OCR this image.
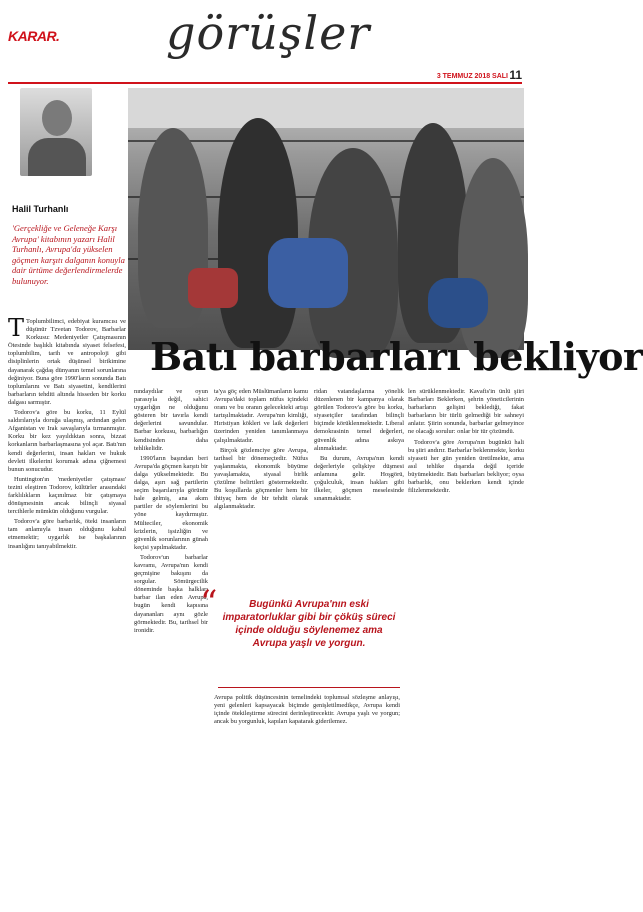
KARAR. görüşler
3 TEMMUZ 2018 SALI 11
Halil Turhanlı
'Gerçekliğe ve Geleneğe Karşı Avrupa' kitabının yazarı Halil Turhanlı, Avrupa'da yükselen göçmen karşıtı dalganın konuyla dair ürtüme değerlendirmelerde bulunuyor.
Batı barbarları bekliyor

T Toplumbilimci, edebiyat kuramcısı ve düşünür Tzvetan Todorov, Barbarlar Korkusu: Medeniyetler Çatışmasının Ötesinde başlıklı kitabında siyaset felsefesi, toplumbilim, tarih ve antropoloji gibi disiplinlerin ortak düşünsel birikimine dayanarak çağdaş dünyanın temel sorunlarına değiniyor. Buna göre 1990'ların sonunda Batı toplumlarını ve Batı siyasetini, kendilerini barbarların tehditi altında hisseden bir korku dalgası sarmıştır.

Todorov'a göre bu korku, 11 Eylül saldırılarıyla doruğa ulaşmış, ardından gelen Afganistan ve Irak savaşlarıyla tırmanmıştır. Korku bir kez yayıldıktan sonra, bizzat korkanların barbarlaşmasına yol açar. Batı'nın kendi değerlerini, insan hakları ve hukuk devleti ilkelerini korumak adına çiğnemesi bunun sonucudur.

Huntington'ın 'medeniyetler çatışması' tezini eleştiren Todorov, kültürler arasındaki farklılıkların kaçınılmaz bir çatışmaya dönüşmesinin ancak bilinçli siyasal tercihlerle mümkün olduğunu vurgular.

Todorov'a göre barbarlık, öteki insanların tam anlamıyla insan olduğunu kabul etmemektir; uygarlık ise başkalarının insanlığını tanıyabilmektir.

nındaydılar ve oyun parasıyla değil, sahici uygarlığın ne olduğunu gösteren bir tavırla kendi değerlerini savundular. Barbar korkusu, barbarlığın kendisinden daha tehlikelidir.

1990'ların başından beri Avrupa'da göçmen karşıtı bir dalga yükselmektedir. Bu dalga, aşırı sağ partilerin seçim başarılarıyla görünür hale gelmiş, ana akım partiler de söylemlerini bu yöne kaydırmıştır. Mülteciler, ekonomik krizlerin, işsizliğin ve güvenlik sorunlarının günah keçisi yapılmaktadır.

Todorov'un barbarlar kavramı, Avrupa'nın kendi geçmişine bakışını da sorgular. Sömürgecilik döneminde başka halkları barbar ilan eden Avrupa, bugün kendi kapısına dayananları aynı gözle görmektedir. Bu, tarihsel bir ironidir.

ta'ya göç eden Müslümanların kamu Avrupa'daki toplam nüfus içindeki oranı ve bu oranın gelecekteki artışı tartışılmaktadır. Avrupa'nın kimliği, Hıristiyan kökleri ve laik değerleri üzerinden yeniden tanımlanmaya çalışılmaktadır.

Birçok gözlemciye göre Avrupa, tarihsel bir dönemeçtedir. Nüfus yaşlanmakta, ekonomik büyüme yavaşlamakta, siyasal birlik çözülme belirtileri göstermektedir. Bu koşullarda göçmenler hem bir ihtiyaç hem de bir tehdit olarak algılanmaktadır.

ridan vatandaşlarına yönelik düzenlenen bir kampanya olarak görülen Todorov'a göre bu korku, siyasetçiler tarafından bilinçli biçimde körüklenmektedir. Liberal demokrasinin temel değerleri, güvenlik adına askıya alınmaktadır.

Bu durum, Avrupa'nın kendi değerleriyle çelişkiye düşmesi anlamına gelir. Hoşgörü, çoğulculuk, insan hakları gibi ilkeler, göçmen meselesinde sınanmaktadır.

“	Bugünkü Avrupa'nın eski imparatorluklar gibi bir çöküş süreci içinde olduğu söylenemez ama Avrupa yaşlı ve yorgun.

Avrupa politik düşüncesinin temelindeki toplumsal sözleşme anlayışı, yeni gelenleri kapsayacak biçimde genişletilmedikçe, Avrupa kendi içinde ötekileştirme sürecini derinleştirecektir. Avrupa yaşlı ve yorgun; ancak bu yorgunluk, kapıları kapatarak giderilemez.

len sürüklenmektedir. Kavafis'in ünlü şiiri Barbarları Beklerken, şehrin yöneticilerinin barbarların gelişini beklediği, fakat barbarların bir türlü gelmediği bir sahneyi anlatır. Şiirin sonunda, barbarlar gelmeyince ne olacağı sorulur: onlar bir tür çözümdü.

Todorov'a göre Avrupa'nın bugünkü hali bu şiiri andırır. Barbarlar beklenmekte, korku siyaseti her gün yeniden üretilmekte, ama asıl tehlike dışarıda değil içeride büyümektedir. Batı barbarları bekliyor; oysa barbarlık, onu beklerken kendi içinde filizlenmektedir.
